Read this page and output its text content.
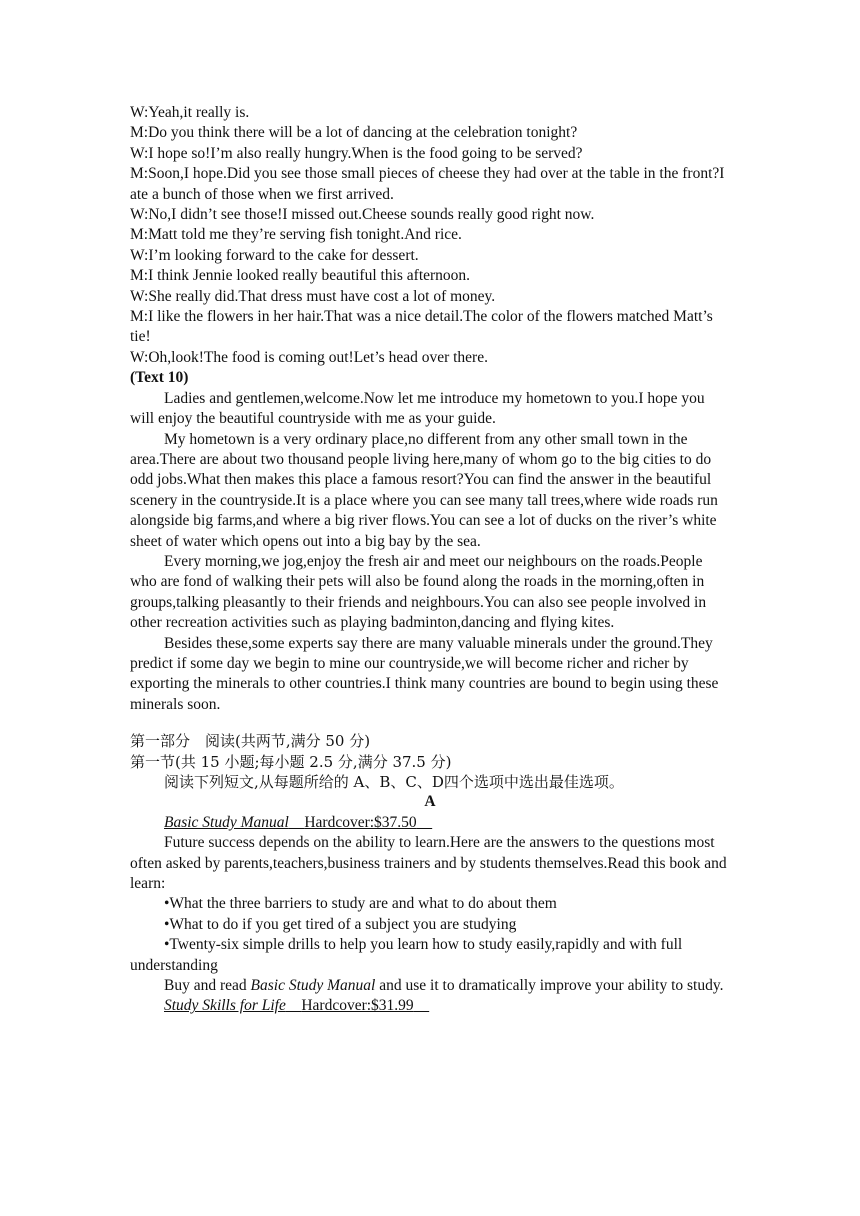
W:Yeah,it really is.

M:Do you think there will be a lot of dancing at the celebration tonight?

W:I hope so!I’m also really hungry.When is the food going to be served?

M:Soon,I hope.Did you see those small pieces of cheese they had over at the table in the front?I ate a bunch of those when we first arrived.

W:No,I didn’t see those!I missed out.Cheese sounds really good right now.

M:Matt told me they’re serving fish tonight.And rice.

W:I’m looking forward to the cake for dessert.

M:I think Jennie looked really beautiful this afternoon.

W:She really did.That dress must have cost a lot of money.

M:I like the flowers in her hair.That was a nice detail.The color of the flowers matched Matt’s tie!

W:Oh,look!The food is coming out!Let’s head over there.

(Text 10)

Ladies and gentlemen,welcome.Now let me introduce my hometown to you.I hope you will enjoy the beautiful countryside with me as your guide.

My hometown is a very ordinary place,no different from any other small town in the area.There are about two thousand people living here,many of whom go to the big cities to do odd jobs.What then makes this place a famous resort?You can find the answer in the beautiful scenery in the countryside.It is a place where you can see many tall trees,where wide roads run alongside big farms,and where a big river flows.You can see a lot of ducks on the river’s white sheet of water which opens out into a big bay by the sea.

Every morning,we jog,enjoy the fresh air and meet our neighbours on the roads.People who are fond of walking their pets will also be found along the roads in the morning,often in groups,talking pleasantly to their friends and neighbours.You can also see people involved in other recreation activities such as playing badminton,dancing and flying kites.

Besides these,some experts say there are many valuable minerals under the ground.They predict if some day we begin to mine our countryside,we will become richer and richer by exporting the minerals to other countries.I think many countries are bound to begin using these minerals soon.

第一部分　阅读(共两节,满分 50 分)

第一节(共 15 小题;每小题 2.5 分,满分 37.5 分)

阅读下列短文,从每题所给的 A、B、C、D四个选项中选出最佳选项。

A

Basic Study Manual Hardcover:$37.50

Future success depends on the ability to learn.Here are the answers to the questions most often asked by parents,teachers,business trainers and by students themselves.Read this book and learn:

•What the three barriers to study are and what to do about them

•What to do if you get tired of a subject you are studying

•Twenty-six simple drills to help you learn how to study easily,rapidly and with full understanding

Buy and read Basic Study Manual and use it to dramatically improve your ability to study.

Study Skills for Life Hardcover:$31.99
